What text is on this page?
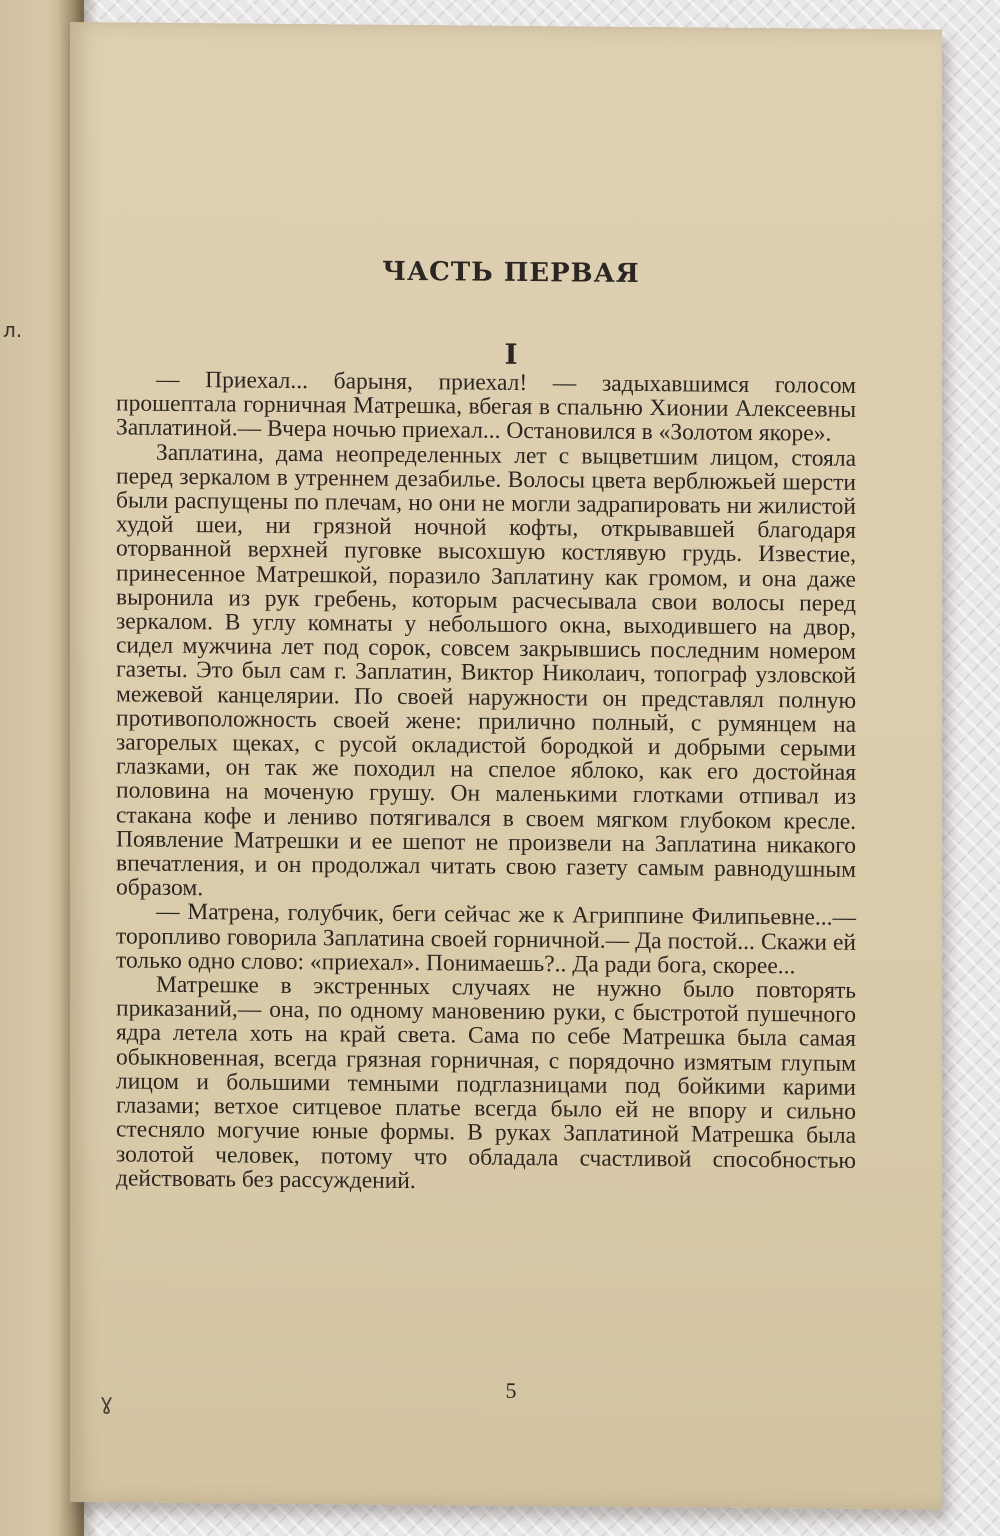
л.
ЧАСТЬ ПЕРВАЯ
I

— Приехал... барыня, приехал! — задыхавшимся голосом прошептала горничная Матрешка, вбегая в спальню Хионии Алексеевны Заплатиной.— Вчера ночью приехал... Остановился в «Золотом якоре».

Заплатина, дама неопределенных лет с выцветшим лицом, стояла перед зеркалом в утреннем дезабилье. Волосы цвета верблюжьей шерсти были распущены по плечам, но они не могли задрапировать ни жилистой худой шеи, ни грязной ночной кофты, открывавшей благодаря оторванной верхней пуговке высохшую костлявую грудь. Известие, принесенное Матрешкой, поразило Заплатину как громом, и она даже выронила из рук гребень, которым расчесывала свои волосы перед зеркалом. В углу комнаты у небольшого окна, выходившего на двор, сидел мужчина лет под сорок, совсем закрывшись последним номером газеты. Это был сам г. Заплатин, Виктор Николаич, топограф узловской межевой канцелярии. По своей наружности он представлял полную противоположность своей жене: прилично полный, с румянцем на загорелых щеках, с русой окладистой бородкой и добрыми серыми глазками, он так же походил на спелое яблоко, как его достойная половина на моченую грушу. Он маленькими глотками отпивал из стакана кофе и лениво потягивался в своем мягком глубоком кресле. Появление Матрешки и ее шепот не произвели на Заплатина никакого впечатления, и он продолжал читать свою газету самым равнодушным образом.

— Матрена, голубчик, беги сейчас же к Агриппине Филипьевне...— торопливо говорила Заплатина своей горничной.— Да постой... Скажи ей только одно слово: «приехал». Понимаешь?.. Да ради бога, скорее...

Матрешке в экстренных случаях не нужно было повторять приказаний,— она, по одному мановению руки, с быстротой пушечного ядра летела хоть на край света. Сама по себе Матрешка была самая обыкновенная, всегда грязная горничная, с порядочно измятым глупым лицом и большими темными подглазницами под бойкими карими глазами; ветхое ситцевое платье всегда было ей не впору и сильно стесняло могучие юные формы. В руках Заплатиной Матрешка была золотой человек, потому что обладала счастливой способностью действовать без рассуждений.

5
ɣ
